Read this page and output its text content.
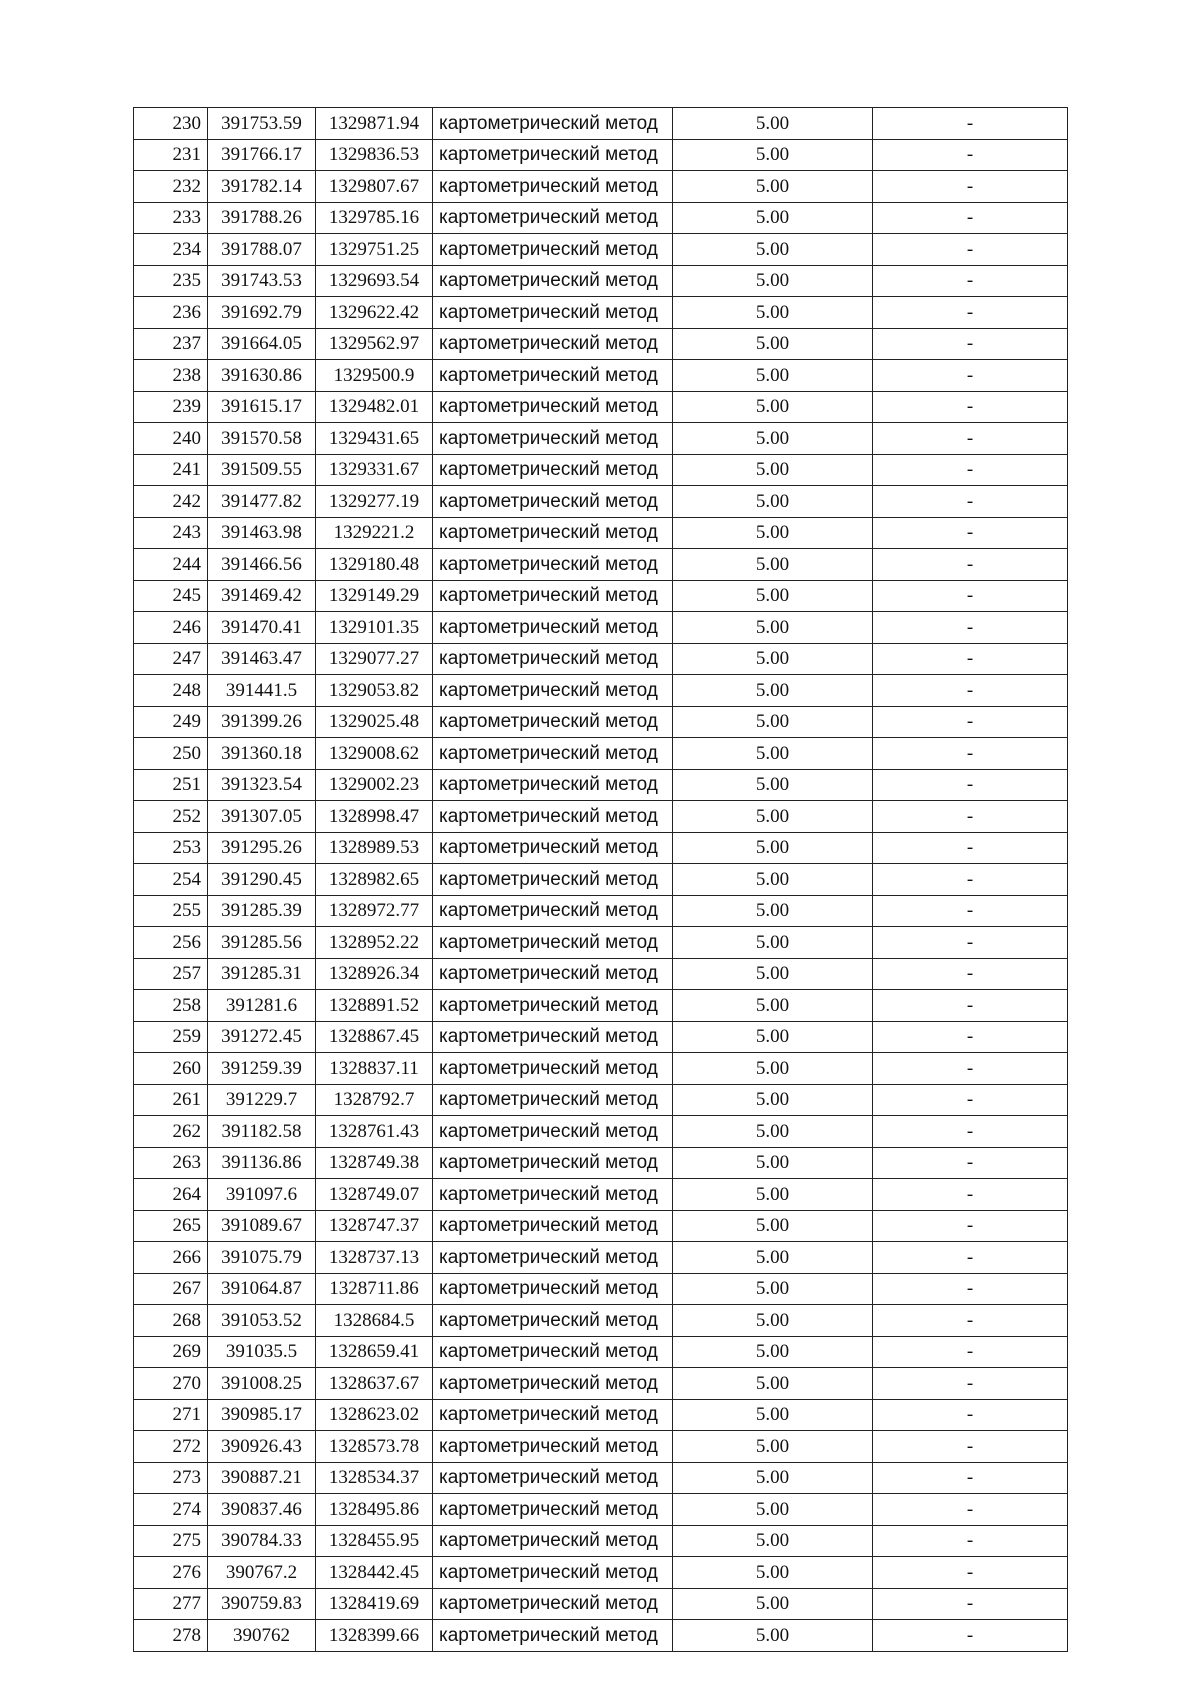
230	391753.59	1329871.94	картометрический метод	5.00	-
231	391766.17	1329836.53	картометрический метод	5.00	-
232	391782.14	1329807.67	картометрический метод	5.00	-
233	391788.26	1329785.16	картометрический метод	5.00	-
234	391788.07	1329751.25	картометрический метод	5.00	-
235	391743.53	1329693.54	картометрический метод	5.00	-
236	391692.79	1329622.42	картометрический метод	5.00	-
237	391664.05	1329562.97	картометрический метод	5.00	-
238	391630.86	1329500.9	картометрический метод	5.00	-
239	391615.17	1329482.01	картометрический метод	5.00	-
240	391570.58	1329431.65	картометрический метод	5.00	-
241	391509.55	1329331.67	картометрический метод	5.00	-
242	391477.82	1329277.19	картометрический метод	5.00	-
243	391463.98	1329221.2	картометрический метод	5.00	-
244	391466.56	1329180.48	картометрический метод	5.00	-
245	391469.42	1329149.29	картометрический метод	5.00	-
246	391470.41	1329101.35	картометрический метод	5.00	-
247	391463.47	1329077.27	картометрический метод	5.00	-
248	391441.5	1329053.82	картометрический метод	5.00	-
249	391399.26	1329025.48	картометрический метод	5.00	-
250	391360.18	1329008.62	картометрический метод	5.00	-
251	391323.54	1329002.23	картометрический метод	5.00	-
252	391307.05	1328998.47	картометрический метод	5.00	-
253	391295.26	1328989.53	картометрический метод	5.00	-
254	391290.45	1328982.65	картометрический метод	5.00	-
255	391285.39	1328972.77	картометрический метод	5.00	-
256	391285.56	1328952.22	картометрический метод	5.00	-
257	391285.31	1328926.34	картометрический метод	5.00	-
258	391281.6	1328891.52	картометрический метод	5.00	-
259	391272.45	1328867.45	картометрический метод	5.00	-
260	391259.39	1328837.11	картометрический метод	5.00	-
261	391229.7	1328792.7	картометрический метод	5.00	-
262	391182.58	1328761.43	картометрический метод	5.00	-
263	391136.86	1328749.38	картометрический метод	5.00	-
264	391097.6	1328749.07	картометрический метод	5.00	-
265	391089.67	1328747.37	картометрический метод	5.00	-
266	391075.79	1328737.13	картометрический метод	5.00	-
267	391064.87	1328711.86	картометрический метод	5.00	-
268	391053.52	1328684.5	картометрический метод	5.00	-
269	391035.5	1328659.41	картометрический метод	5.00	-
270	391008.25	1328637.67	картометрический метод	5.00	-
271	390985.17	1328623.02	картометрический метод	5.00	-
272	390926.43	1328573.78	картометрический метод	5.00	-
273	390887.21	1328534.37	картометрический метод	5.00	-
274	390837.46	1328495.86	картометрический метод	5.00	-
275	390784.33	1328455.95	картометрический метод	5.00	-
276	390767.2	1328442.45	картометрический метод	5.00	-
277	390759.83	1328419.69	картометрический метод	5.00	-
278	390762	1328399.66	картометрический метод	5.00	-
